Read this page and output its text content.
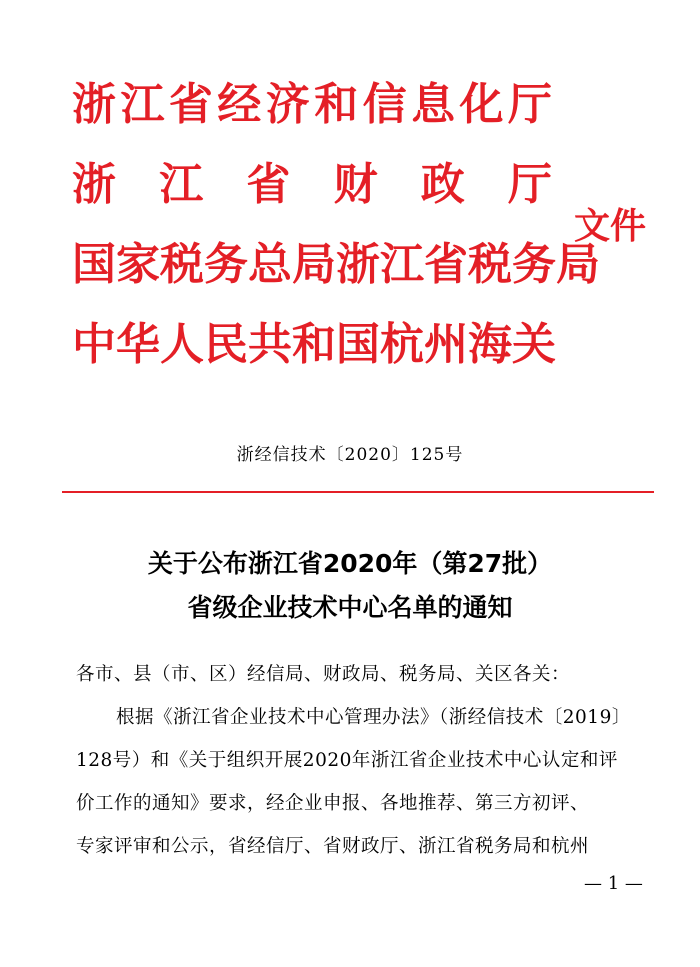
浙江省经济和信息化厅
浙江省财政厅
国家税务总局浙江省税务局
中华人民共和国杭州海关
文件
浙经信技术〔2020〕125号
关于公布浙江省2020年（第27批）
省级企业技术中心名单的通知
各市、县（市、区）经信局、财政局、税务局、关区各关：
根据《浙江省企业技术中心管理办法》（浙经信技术〔2019〕
128号）和《关于组织开展2020年浙江省企业技术中心认定和评
价工作的通知》要求，经企业申报、各地推荐、第三方初评、
专家评审和公示，省经信厅、省财政厅、浙江省税务局和杭州
— 1 —
